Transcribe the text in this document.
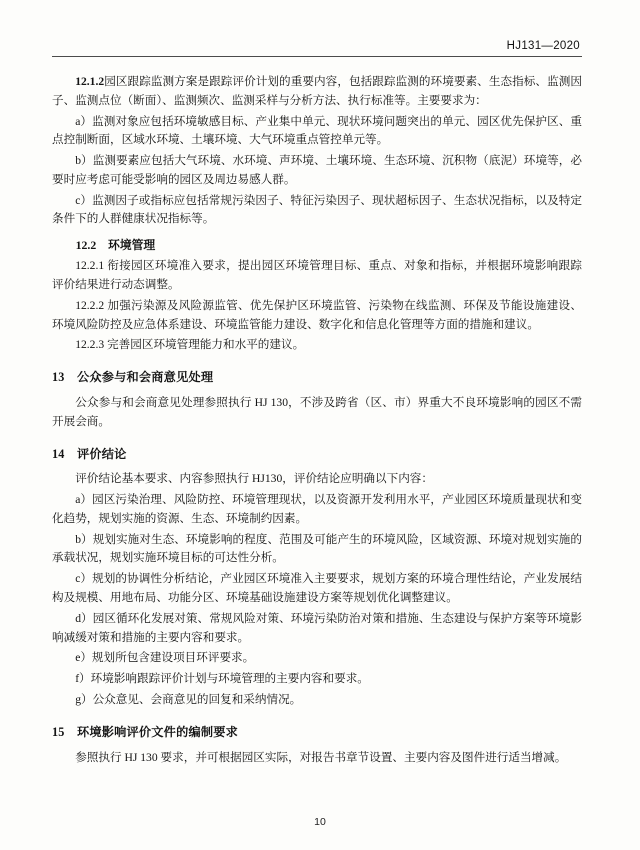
HJ131—2020

12.1.2园区跟踪监测方案是跟踪评价计划的重要内容，包括跟踪监测的环境要素、生态指标、监测因子、监测点位（断面）、监测频次、监测采样与分析方法、执行标准等。主要要求为：

a）监测对象应包括环境敏感目标、产业集中单元、现状环境问题突出的单元、园区优先保护区、重点控制断面，区域水环境、土壤环境、大气环境重点管控单元等。

b）监测要素应包括大气环境、水环境、声环境、土壤环境、生态环境、沉积物（底泥）环境等，必要时应考虑可能受影响的园区及周边易感人群。

c）监测因子或指标应包括常规污染因子、特征污染因子、现状超标因子、生态状况指标，以及特定条件下的人群健康状况指标等。

12.2　环境管理

12.2.1 衔接园区环境准入要求，提出园区环境管理目标、重点、对象和指标，并根据环境影响跟踪评价结果进行动态调整。

12.2.2 加强污染源及风险源监管、优先保护区环境监管、污染物在线监测、环保及节能设施建设、环境风险防控及应急体系建设、环境监管能力建设、数字化和信息化管理等方面的措施和建议。

12.2.3 完善园区环境管理能力和水平的建议。

13　公众参与和会商意见处理

公众参与和会商意见处理参照执行 HJ 130，不涉及跨省（区、市）界重大不良环境影响的园区不需开展会商。

14　评价结论

评价结论基本要求、内容参照执行 HJ130，评价结论应明确以下内容：

a）园区污染治理、风险防控、环境管理现状，以及资源开发利用水平，产业园区环境质量现状和变化趋势，规划实施的资源、生态、环境制约因素。

b）规划实施对生态、环境影响的程度、范围及可能产生的环境风险，区域资源、环境对规划实施的承载状况，规划实施环境目标的可达性分析。

c）规划的协调性分析结论，产业园区环境准入主要要求，规划方案的环境合理性结论，产业发展结构及规模、用地布局、功能分区、环境基础设施建设方案等规划优化调整建议。

d）园区循环化发展对策、常规风险对策、环境污染防治对策和措施、生态建设与保护方案等环境影响减缓对策和措施的主要内容和要求。

e）规划所包含建设项目环评要求。

f）环境影响跟踪评价计划与环境管理的主要内容和要求。

g）公众意见、会商意见的回复和采纳情况。

15　环境影响评价文件的编制要求

参照执行 HJ 130 要求，并可根据园区实际，对报告书章节设置、主要内容及图件进行适当增减。

10
